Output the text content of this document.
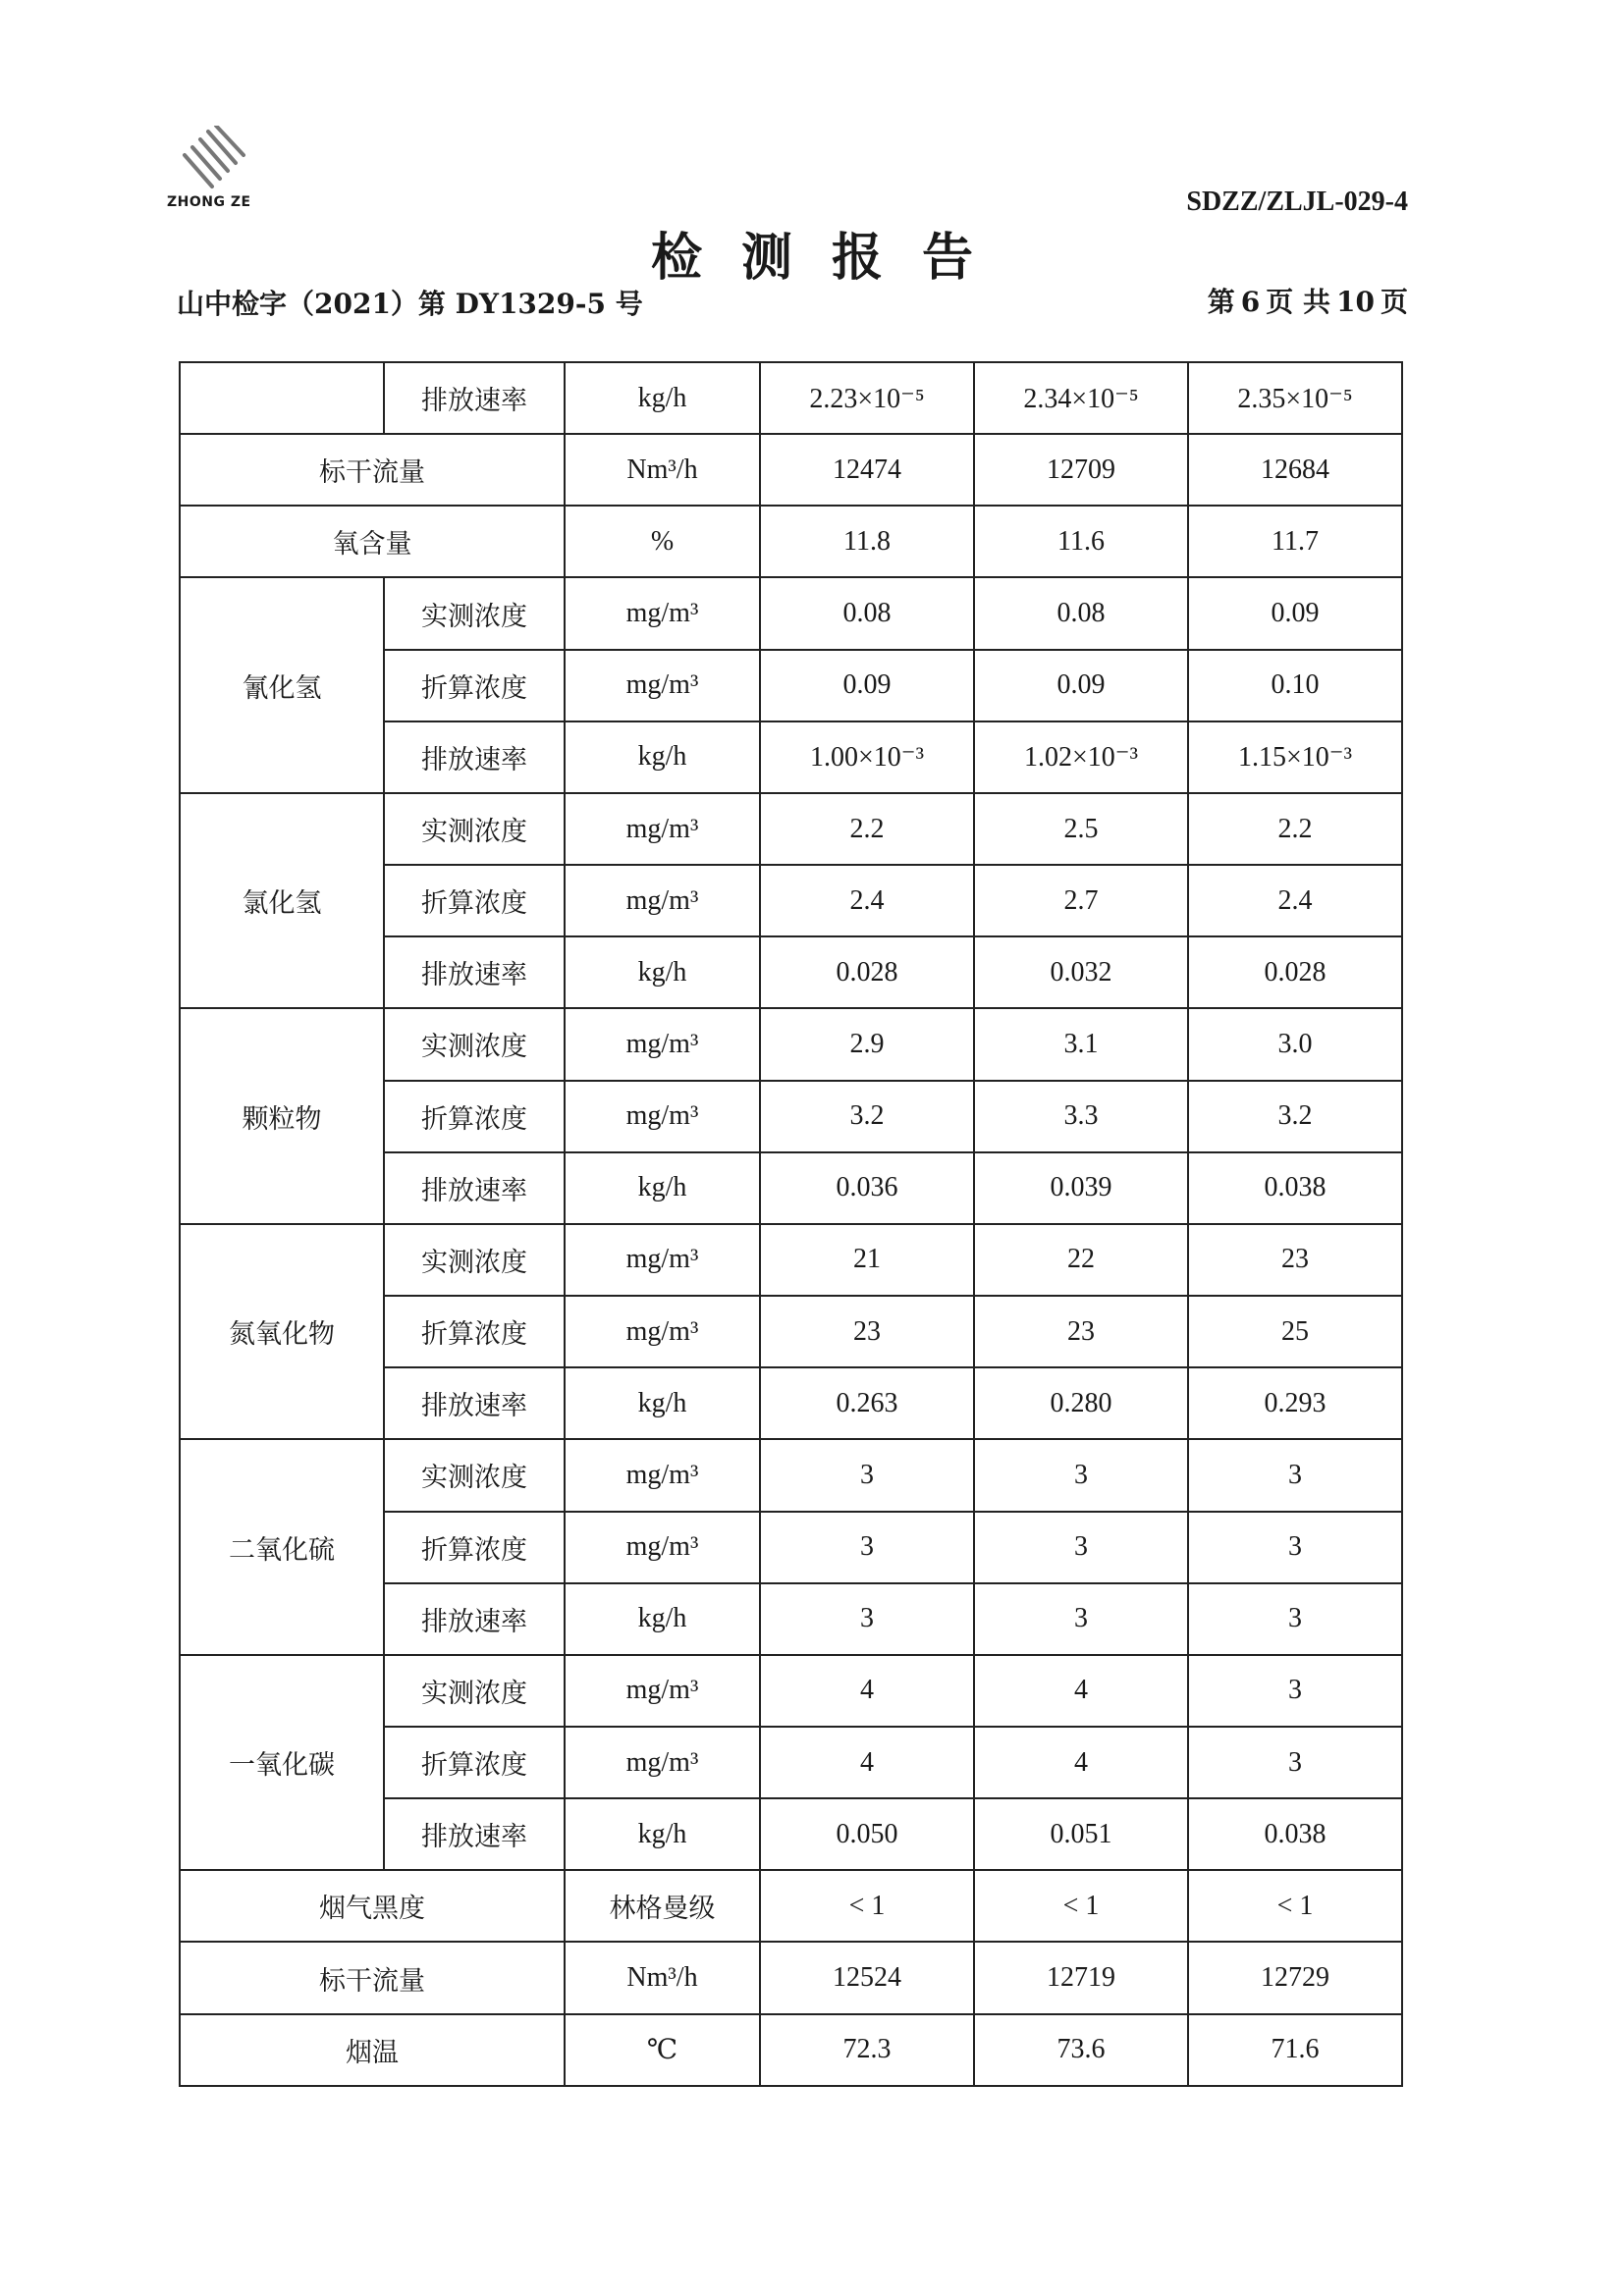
ZHONG ZE	SDZZ/ZLJL-029-4
检测报告
山中检字（2021）第 DY1329-5 号	第 6 页 共 10 页
	排放速率	kg/h	2.23×10⁻⁵	2.34×10⁻⁵	2.35×10⁻⁵
标干流量		Nm³/h	12474	12709	12684
氧含量		%	11.8	11.6	11.7
氰化氢	实测浓度	mg/m³	0.08	0.08	0.09
	折算浓度	mg/m³	0.09	0.09	0.10
	排放速率	kg/h	1.00×10⁻³	1.02×10⁻³	1.15×10⁻³
氯化氢	实测浓度	mg/m³	2.2	2.5	2.2
	折算浓度	mg/m³	2.4	2.7	2.4
	排放速率	kg/h	0.028	0.032	0.028
颗粒物	实测浓度	mg/m³	2.9	3.1	3.0
	折算浓度	mg/m³	3.2	3.3	3.2
	排放速率	kg/h	0.036	0.039	0.038
氮氧化物	实测浓度	mg/m³	21	22	23
	折算浓度	mg/m³	23	23	25
	排放速率	kg/h	0.263	0.280	0.293
二氧化硫	实测浓度	mg/m³	3	3	3
	折算浓度	mg/m³	3	3	3
	排放速率	kg/h	3	3	3
一氧化碳	实测浓度	mg/m³	4	4	3
	折算浓度	mg/m³	4	4	3
	排放速率	kg/h	0.050	0.051	0.038
烟气黑度		林格曼级	< 1	< 1	< 1
标干流量		Nm³/h	12524	12719	12729
烟温		℃	72.3	73.6	71.6
